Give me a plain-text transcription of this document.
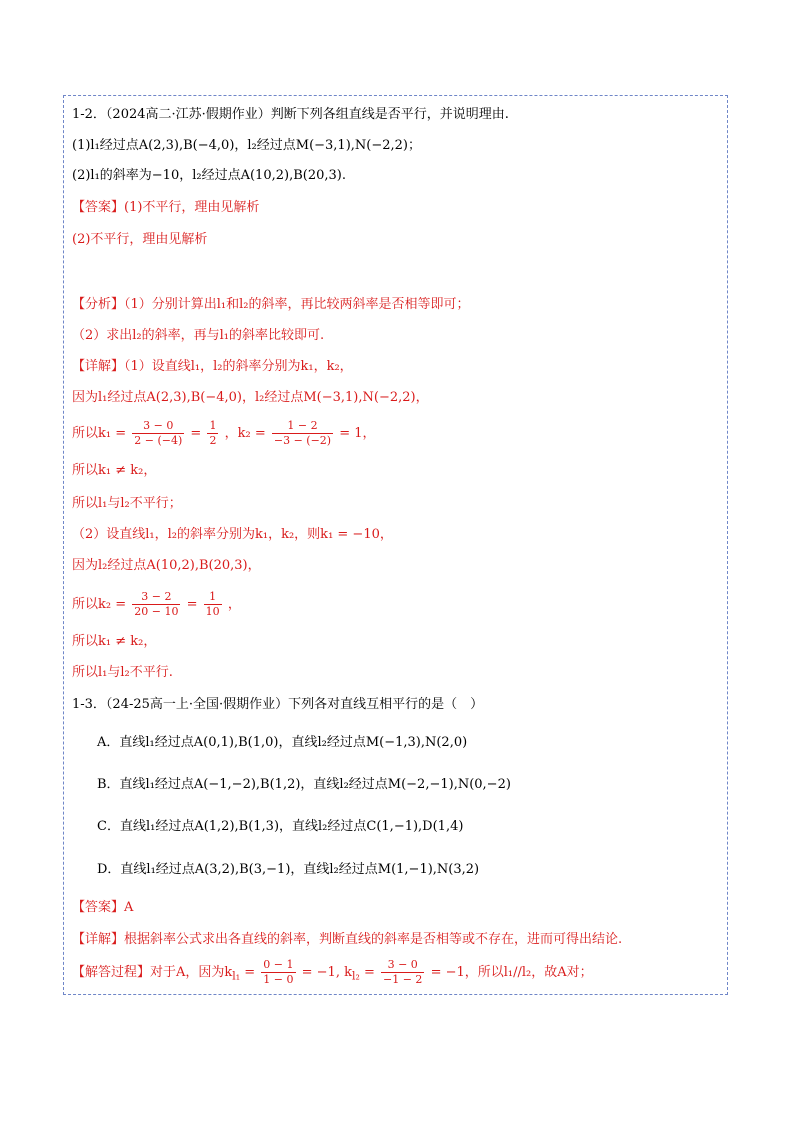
1-2．（2024高二·江苏·假期作业）判断下列各组直线是否平行，并说明理由.
(1)l₁经过点A(2,3),B(−4,0)，l₂经过点M(−3,1),N(−2,2)；
(2)l₁的斜率为−10，l₂经过点A(10,2),B(20,3).
【答案】(1)不平行，理由见解析
(2)不平行，理由见解析
【分析】（1）分别计算出l₁和l₂的斜率，再比较两斜率是否相等即可；
（2）求出l₂的斜率，再与l₁的斜率比较即可.
【详解】（1）设直线l₁，l₂的斜率分别为k₁，k₂，
因为l₁经过点A(2,3),B(−4,0)，l₂经过点M(−3,1),N(−2,2)，
所以$k_1 = \frac{3 - 0}{2 - (-4)} = \frac{1}{2}$ ，$k_2 = \frac{1 - 2}{-3 - (-2)} = 1$，
所以k₁ ≠ k₂，
所以l₁与l₂不平行；
（2）设直线l₁，l₂的斜率分别为k₁，k₂，则k₁ = −10，
因为l₂经过点A(10,2),B(20,3)，
所以$k_2 = \frac{3 - 2}{20 - 10} = \frac{1}{10}$ ，
所以k₁ ≠ k₂，
所以l₁与l₂不平行.
1-3．（24-25高一上·全国·假期作业）下列各对直线互相平行的是（　）
A．直线l₁经过点A(0,1),B(1,0)，直线l₂经过点M(−1,3),N(2,0)
B．直线l₁经过点A(−1,−2),B(1,2)，直线l₂经过点M(−2,−1),N(0,−2)
C．直线l₁经过点A(1,2),B(1,3)，直线l₂经过点C(1,−1),D(1,4)
D．直线l₁经过点A(3,2),B(3,−1)，直线l₂经过点M(1,−1),N(3,2)
【答案】A
【详解】根据斜率公式求出各直线的斜率，判断直线的斜率是否相等或不存在，进而可得出结论.
【解答过程】对于A，因为$k_{l_1} = \frac{0 - 1}{1 - 0} = -1$, $k_{l_2} = \frac{3 - 0}{-1 - 2} = -1$，所以l₁//l₂，故A对；
